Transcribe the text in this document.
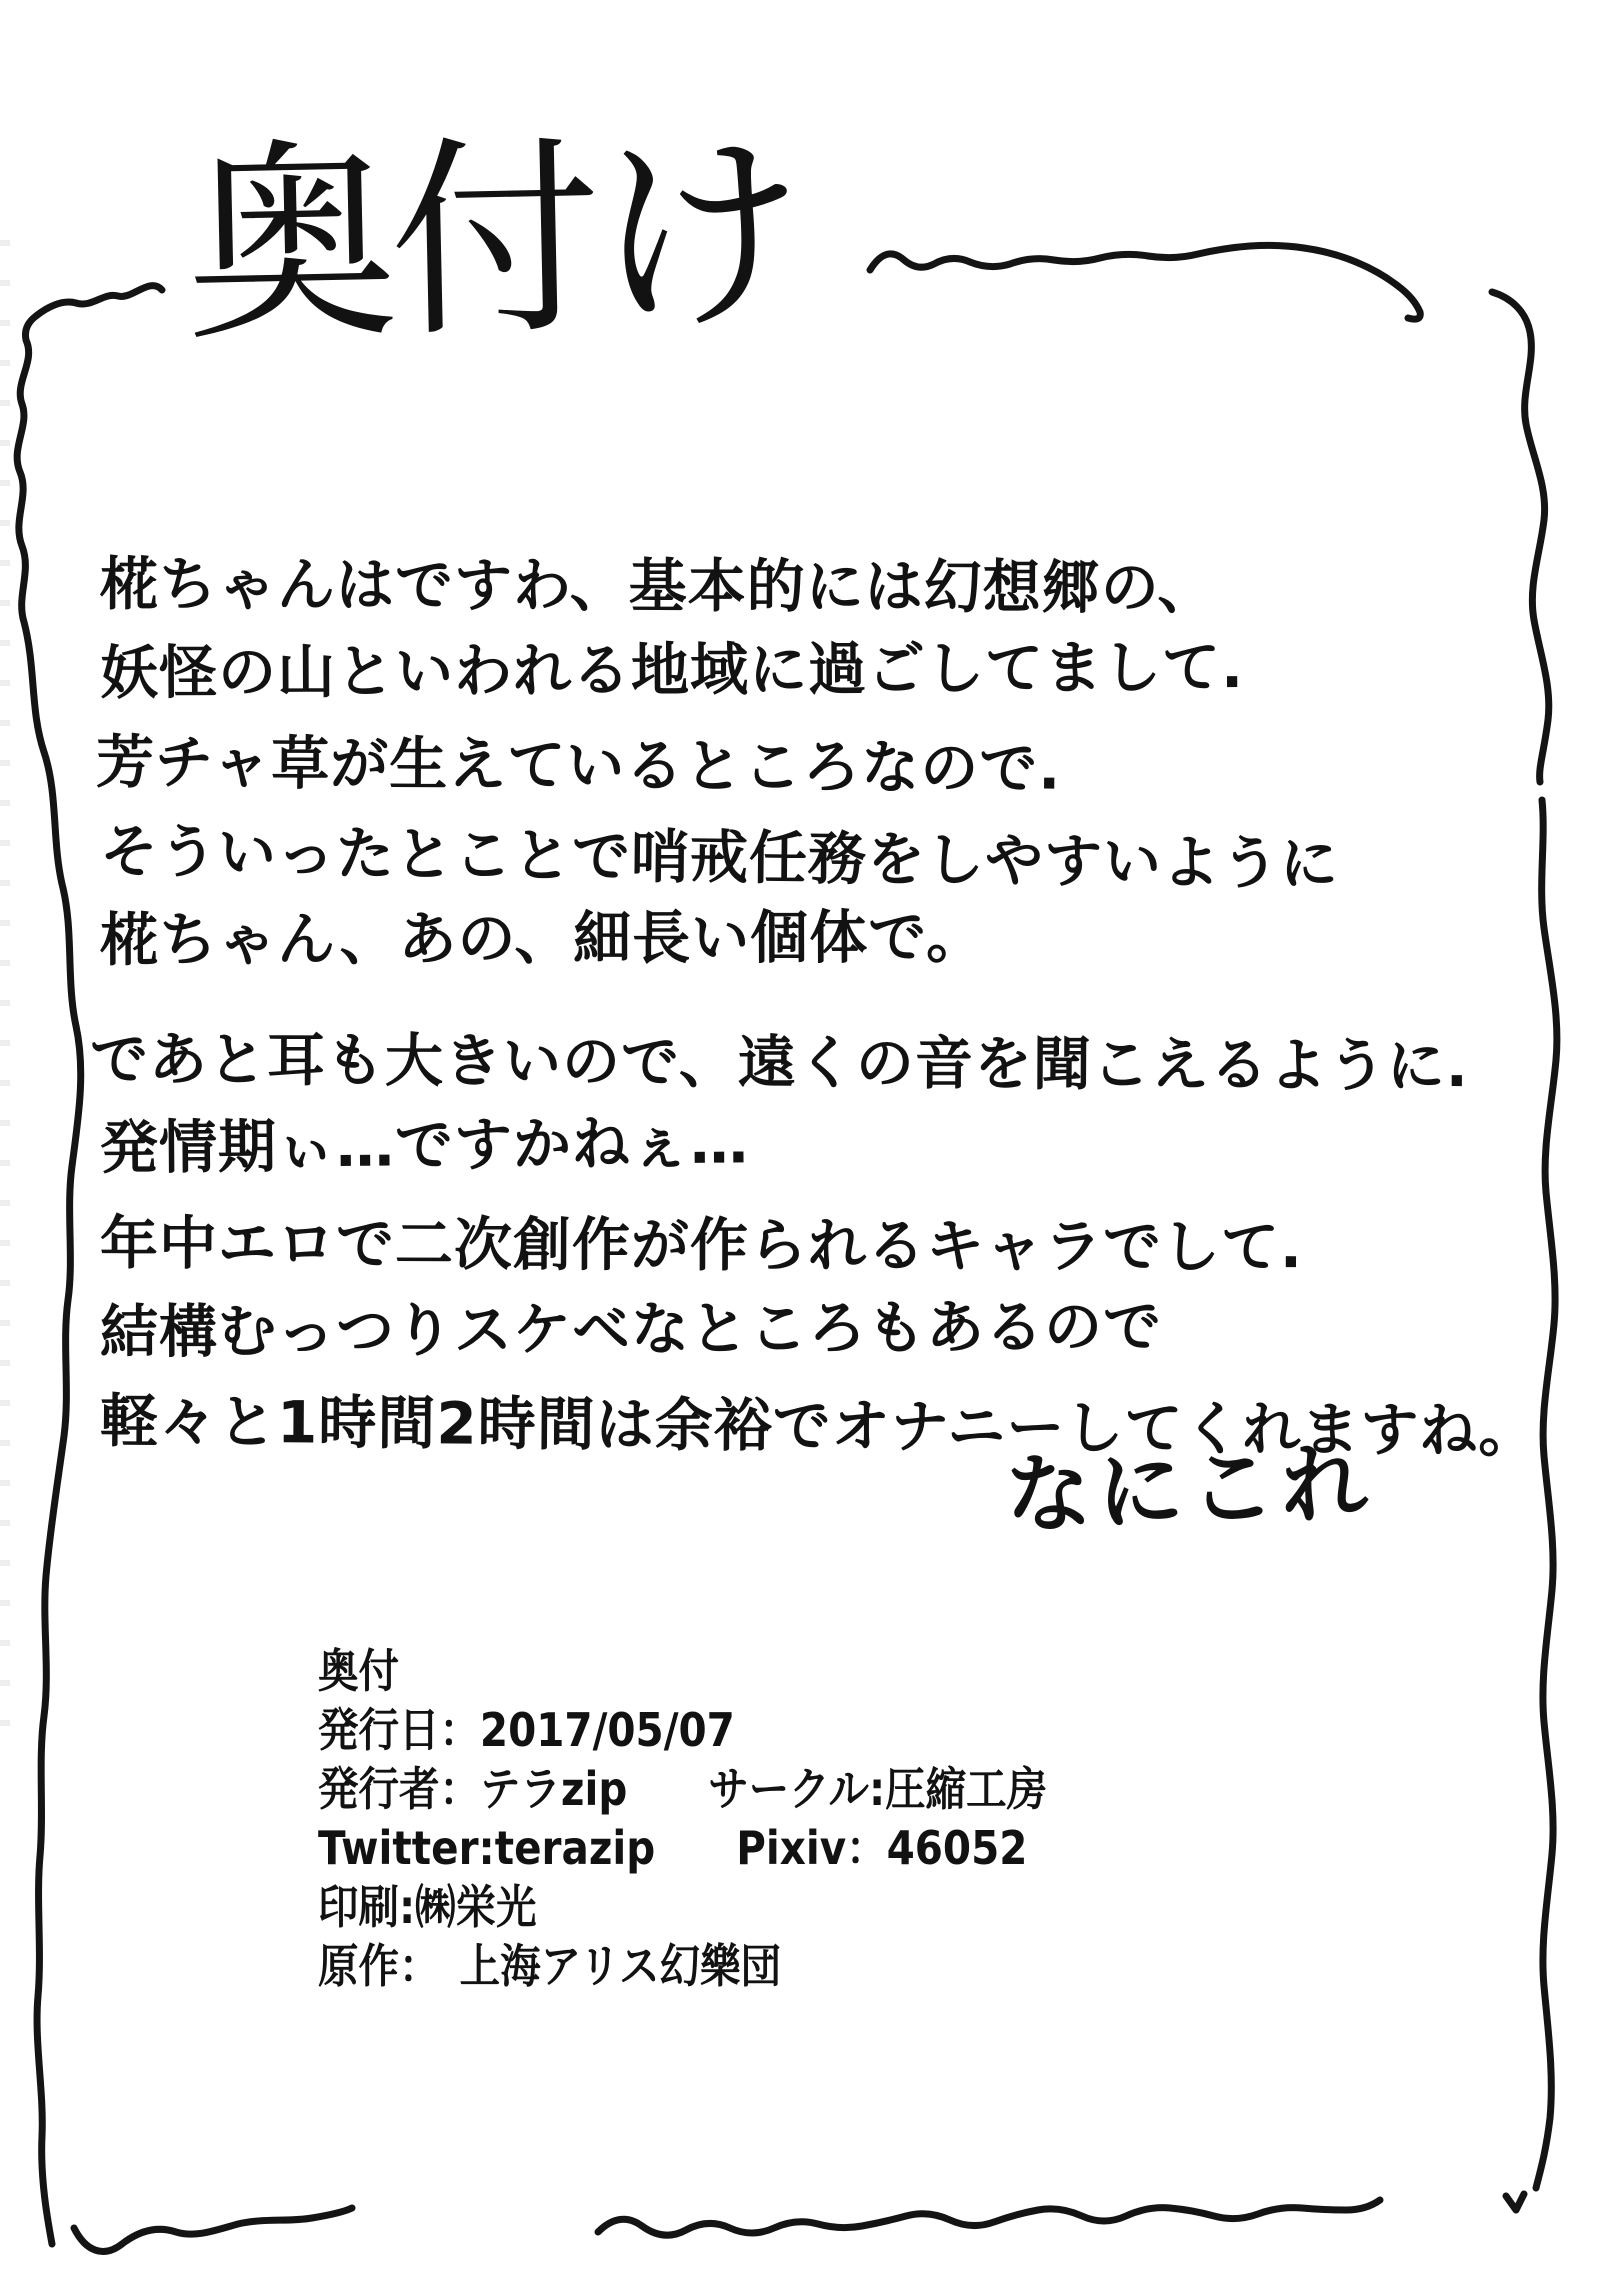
奥付け
椛ちゃんはですわ、基本的には幻想郷の、
妖怪の山といわれる地域に過ごしてまして.
芳チャ草が生えているところなので.
そういったとことで哨戒任務をしやすいように
椛ちゃん、あの、細長い個体で。
であと耳も大きいので、遠くの音を聞こえるように.
発情期ぃ…ですかねぇ…
年中エロで二次創作が作られるキャラでして.
結構むっつりスケベなところもあるので
軽々と1時間2時間は余裕でオナニーしてくれますね。
なにこれ
奥付
発行日：2017/05/07
発行者：テラzip　　サークル:圧縮工房
Twitter:terazip　　Pixiv：46052
印刷:㈱栄光
原作：　上海アリス幻樂団
